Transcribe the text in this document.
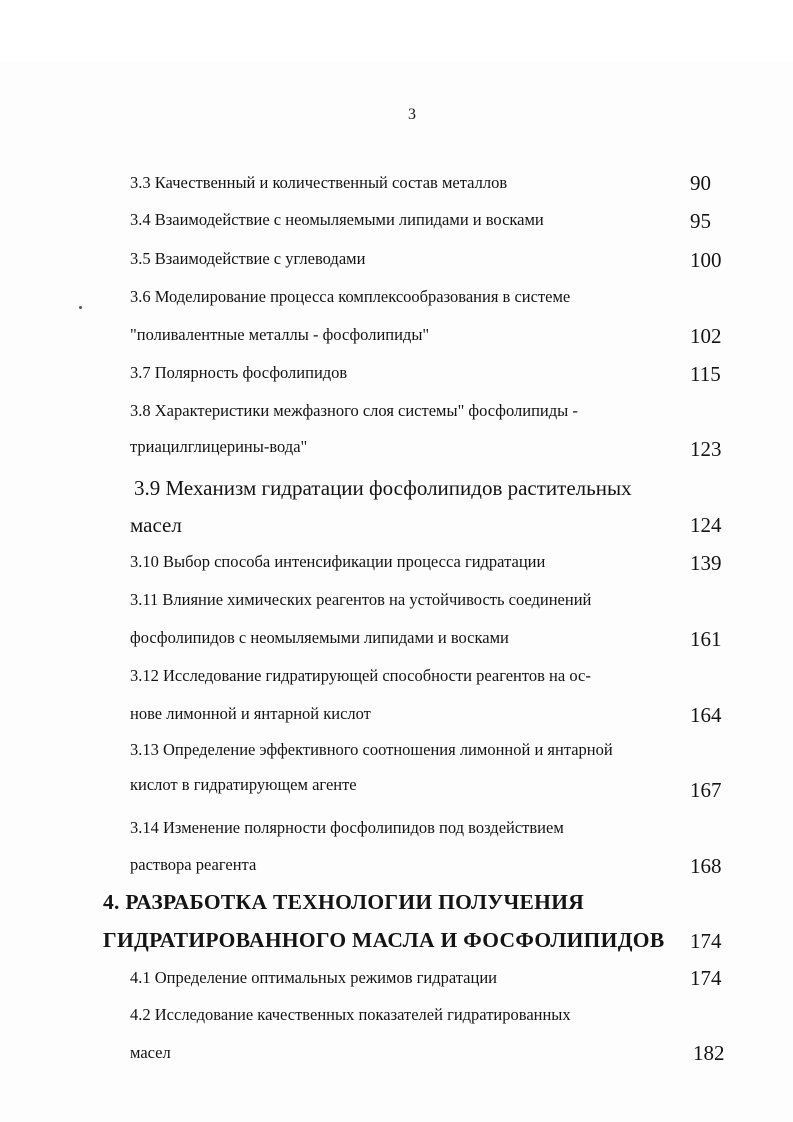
3
3.3 Качественный и количественный состав металлов	90
3.4 Взаимодействие с неомыляемыми липидами и восками	95
3.5 Взаимодействие с углеводами	100
3.6 Моделирование процесса комплексообразования в системе
"поливалентные металлы - фосфолипиды"	102
3.7 Полярность фосфолипидов	115
3.8 Характеристики межфазного слоя системы" фосфолипиды -
триацилглицерины-вода"	123
3.9 Механизм гидратации фосфолипидов растительных
масел	124
3.10 Выбор способа интенсификации процесса гидратации	139
3.11 Влияние химических реагентов на устойчивость соединений
фосфолипидов с неомыляемыми липидами и восками	161
3.12 Исследование гидратирующей способности реагентов на ос-
нове лимонной и янтарной кислот	164
3.13 Определение эффективного соотношения лимонной и янтарной
кислот в гидратирующем агенте	167
3.14 Изменение полярности фосфолипидов под воздействием
раствора реагента	168
4. РАЗРАБОТКА ТЕХНОЛОГИИ ПОЛУЧЕНИЯ
ГИДРАТИРОВАННОГО МАСЛА И ФОСФОЛИПИДОВ 174
4.1 Определение оптимальных режимов гидратации	174
4.2 Исследование качественных показателей гидратированных
масел	182
